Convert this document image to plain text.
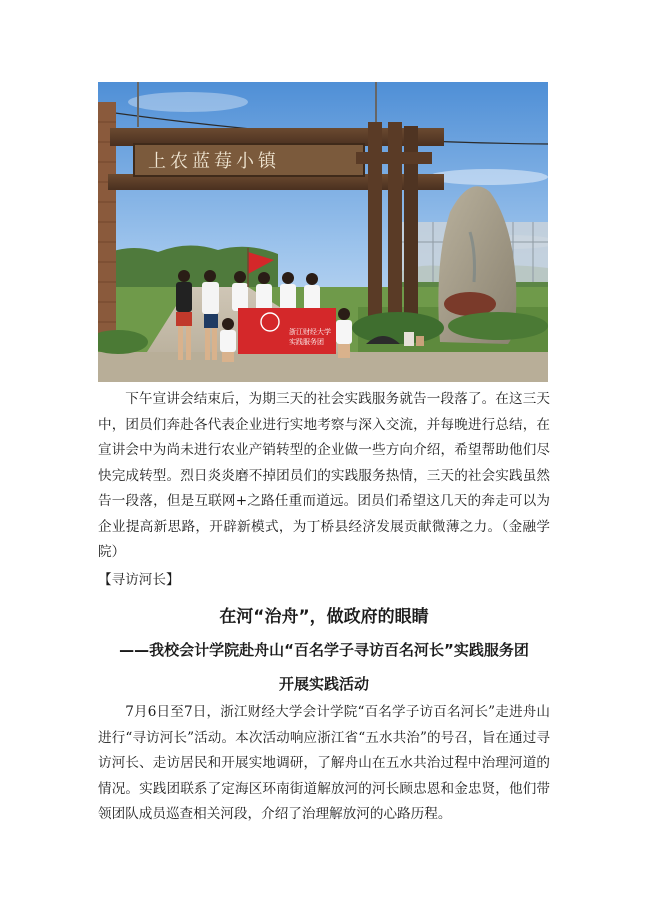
浙江财经大学
实践服务团
上农蓝莓小镇

下午宣讲会结束后，为期三天的社会实践服务就告一段落了。在这三天中，团员们奔赴各代表企业进行实地考察与深入交流，并每晚进行总结，在宣讲会中为尚未进行农业产销转型的企业做一些方向介绍，希望帮助他们尽快完成转型。烈日炎炎磨不掉团员们的实践服务热情，三天的社会实践虽然告一段落，但是互联网+之路任重而道远。团员们希望这几天的奔走可以为企业提高新思路，开辟新模式，为丁桥县经济发展贡献微薄之力。（金融学院）

【寻访河长】

在河“治舟”，做政府的眼睛
——我校会计学院赴舟山“百名学子寻访百名河长”实践服务团
开展实践活动

7月6日至7日，浙江财经大学会计学院“百名学子访百名河长”走进舟山进行“寻访河长”活动。本次活动响应浙江省“五水共治”的号召，旨在通过寻访河长、走访居民和开展实地调研，了解舟山在五水共治过程中治理河道的情况。实践团联系了定海区环南街道解放河的河长顾忠恩和金忠贤，他们带领团队成员巡查相关河段，介绍了治理解放河的心路历程。
